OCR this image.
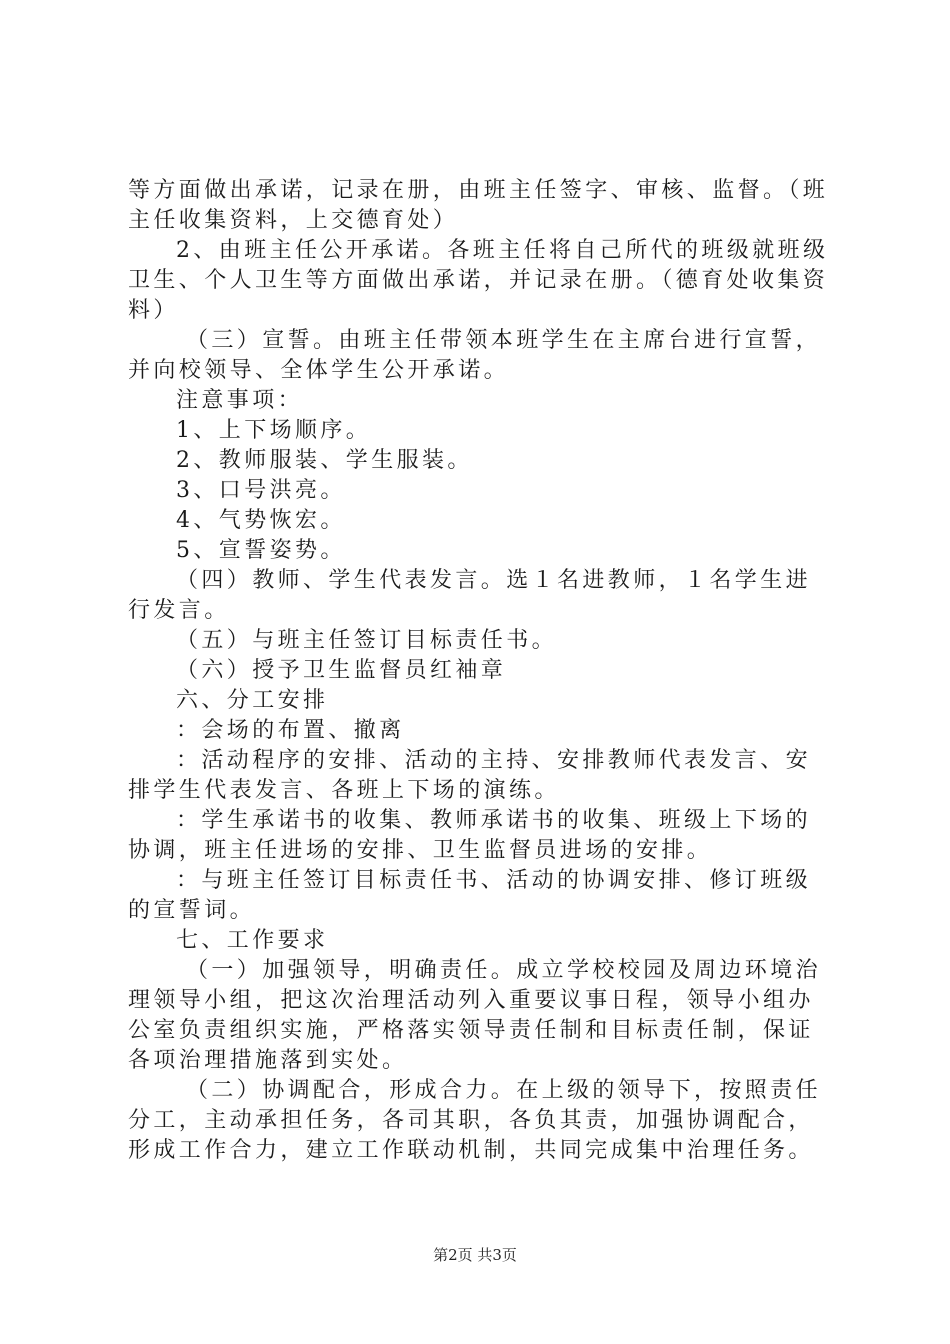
等方面做出承诺，记录在册，由班主任签字、审核、监督。（班主任收集资料，上交德育处）

2、由班主任公开承诺。各班主任将自己所代的班级就班级卫生、个人卫生等方面做出承诺，并记录在册。（德育处收集资料）

（三）宣誓。由班主任带领本班学生在主席台进行宣誓，并向校领导、全体学生公开承诺。

注意事项：

1、上下场顺序。

2、教师服装、学生服装。

3、口号洪亮。

4、气势恢宏。

5、宣誓姿势。

（四）教师、学生代表发言。选１名进教师，１名学生进行发言。

（五）与班主任签订目标责任书。

（六）授予卫生监督员红袖章

六、分工安排

：会场的布置、撤离

：活动程序的安排、活动的主持、安排教师代表发言、安排学生代表发言、各班上下场的演练。

：学生承诺书的收集、教师承诺书的收集、班级上下场的协调，班主任进场的安排、卫生监督员进场的安排。

：与班主任签订目标责任书、活动的协调安排、修订班级的宣誓词。

七、工作要求

（一）加强领导，明确责任。成立学校校园及周边环境治理领导小组，把这次治理活动列入重要议事日程，领导小组办公室负责组织实施，严格落实领导责任制和目标责任制，保证各项治理措施落到实处。

（二）协调配合，形成合力。在上级的领导下，按照责任分工，主动承担任务，各司其职，各负其责，加强协调配合，形成工作合力，建立工作联动机制，共同完成集中治理任务。

第2页 共3页
